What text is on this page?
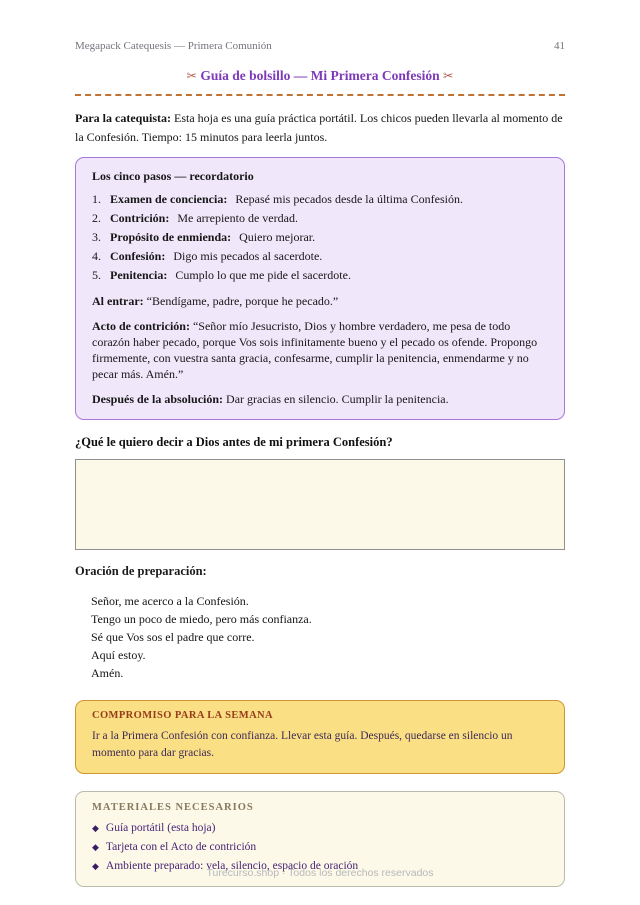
Megapack Catequesis — Primera Comunión	41
✂ Guía de bolsillo — Mi Primera Confesión ✂

Para la catequista: Esta hoja es una guía práctica portátil. Los chicos pueden llevarla al momento de la Confesión. Tiempo: 15 minutos para leerla juntos.

Los cinco pasos — recordatorio
1. Examen de conciencia: Repasé mis pecados desde la última Confesión.
2. Contrición: Me arrepiento de verdad.
3. Propósito de enmienda: Quiero mejorar.
4. Confesión: Digo mis pecados al sacerdote.
5. Penitencia: Cumplo lo que me pide el sacerdote.

Al entrar: “Bendígame, padre, porque he pecado.”

Acto de contrición: “Señor mío Jesucristo, Dios y hombre verdadero, me pesa de todo corazón haber pecado, porque Vos sois infinitamente bueno y el pecado os ofende. Propongo firmemente, con vuestra santa gracia, confesarme, cumplir la penitencia, enmendarme y no pecar más. Amén.”

Después de la absolución: Dar gracias en silencio. Cumplir la penitencia.

¿Qué le quiero decir a Dios antes de mi primera Confesión?
Oración de preparación:
Señor, me acerco a la Confesión.
Tengo un poco de miedo, pero más confianza.
Sé que Vos sos el padre que corre.
Aquí estoy.
Amén.
COMPROMISO PARA LA SEMANA
Ir a la Primera Confesión con confianza. Llevar esta guía. Después, quedarse en silencio un momento para dar gracias.
MATERIALES NECESARIOS
◆ Guía portátil (esta hoja)
◆ Tarjeta con el Acto de contrición
◆ Ambiente preparado: vela, silencio, espacio de oración
Turecurso.shop · Todos los derechos reservados
